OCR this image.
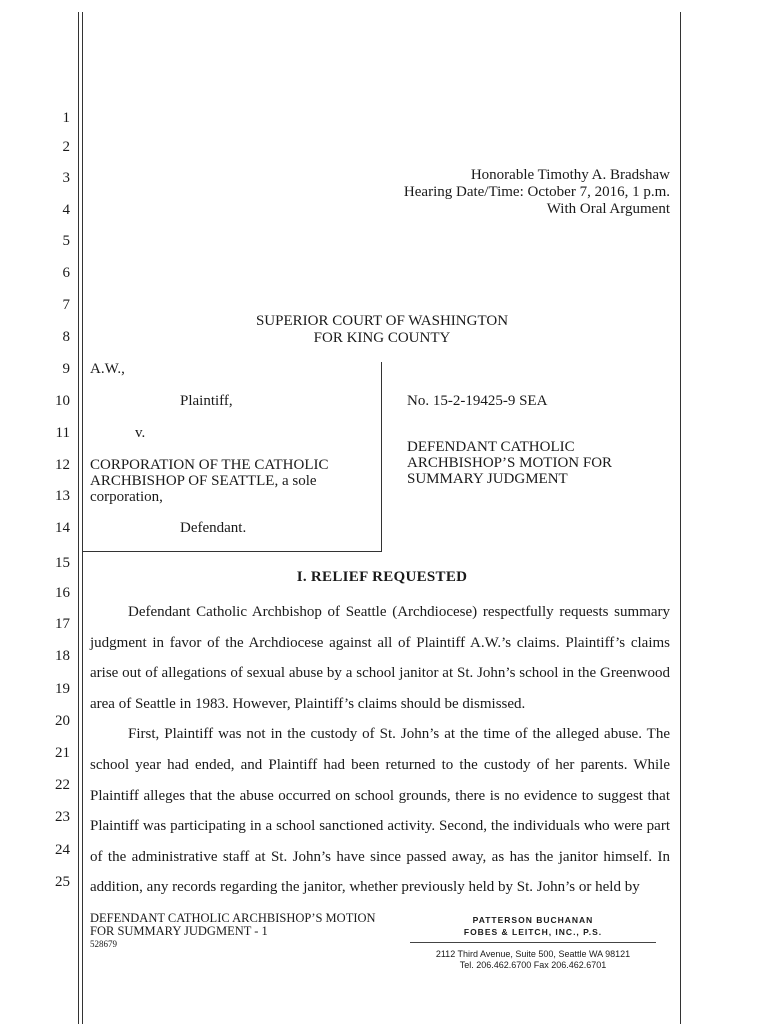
1
2
3
4
5
6
7
8
9
10
11
12
13
14
15
16
17
18
19
20
21
22
23
24
25
Honorable Timothy A. Bradshaw
Hearing Date/Time: October 7, 2016, 1 p.m.
With Oral Argument
SUPERIOR COURT OF WASHINGTON
FOR KING COUNTY
A.W.,
Plaintiff,
v.
CORPORATION OF THE CATHOLIC
ARCHBISHOP OF SEATTLE, a sole
corporation,
Defendant.
No. 15-2-19425-9 SEA
DEFENDANT CATHOLIC
ARCHBISHOP’S MOTION FOR
SUMMARY JUDGMENT
I. RELIEF REQUESTED

Defendant Catholic Archbishop of Seattle (Archdiocese) respectfully requests summary judgment in favor of the Archdiocese against all of Plaintiff A.W.’s claims. Plaintiff’s claims arise out of allegations of sexual abuse by a school janitor at St. John’s school in the Greenwood area of Seattle in 1983. However, Plaintiff’s claims should be dismissed.

First, Plaintiff was not in the custody of St. John’s at the time of the alleged abuse. The school year had ended, and Plaintiff had been returned to the custody of her parents. While Plaintiff alleges that the abuse occurred on school grounds, there is no evidence to suggest that Plaintiff was participating in a school sanctioned activity. Second, the individuals who were part of the administrative staff at St. John’s have since passed away, as has the janitor himself. In addition, any records regarding the janitor, whether previously held by St. John’s or held by

DEFENDANT CATHOLIC ARCHBISHOP’S MOTION
FOR SUMMARY JUDGMENT - 1
528679
PATTERSON BUCHANAN
FOBES & LEITCH, INC., P.S.
2112 Third Avenue, Suite 500, Seattle WA 98121
Tel. 206.462.6700 Fax 206.462.6701
